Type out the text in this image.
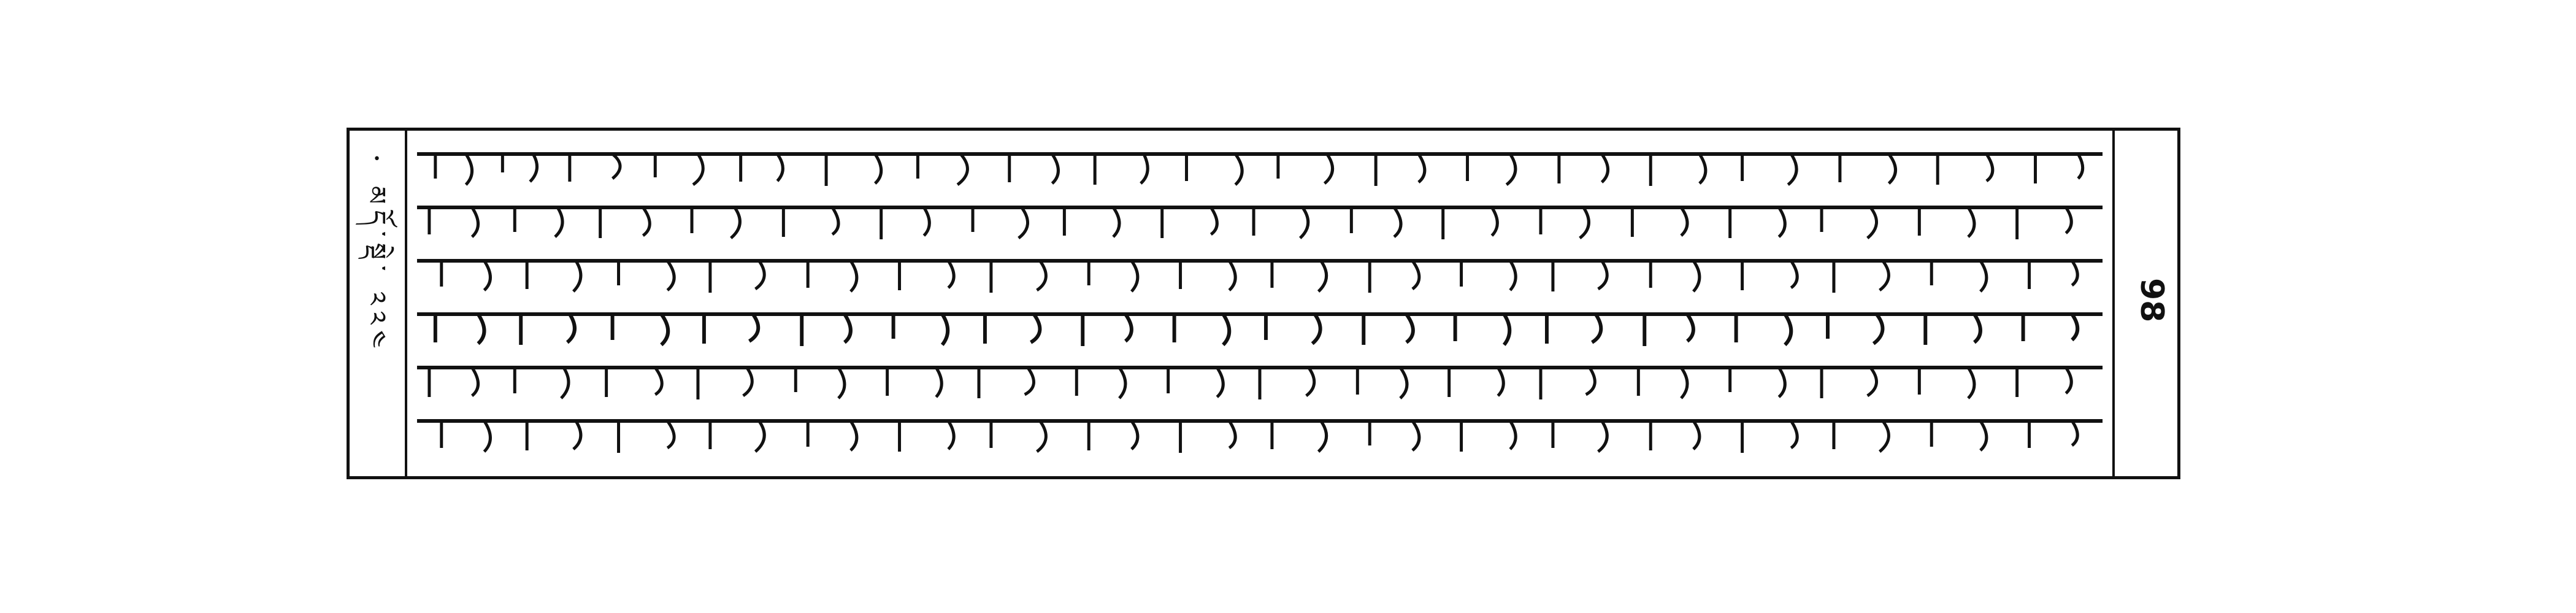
•
མདོ་སྡེ་ ༢༢༤	98
